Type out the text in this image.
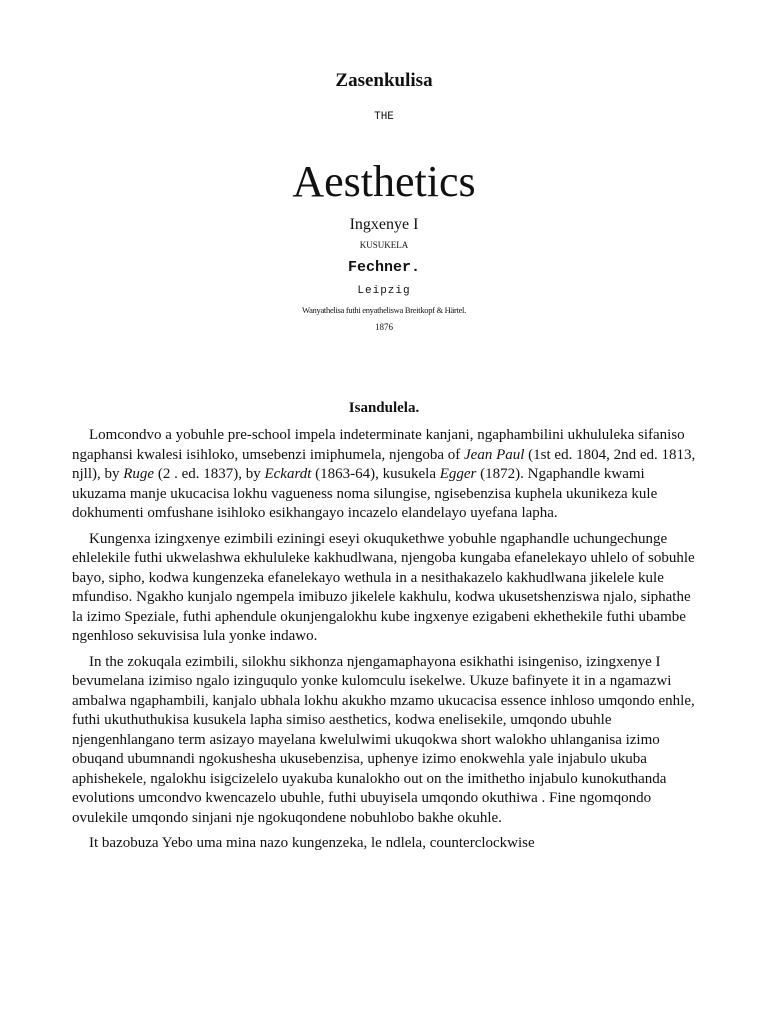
Zasenkulisa
THE
Aesthetics
Ingxenye I
KUSUKELA
Fechner.
Leipzig
Wanyathelisa futhi enyatheliswa Breitkopf & Härtel.
1876
Isandulela.

Lomcondvo a yobuhle pre-school impela indeterminate kanjani, ngaphambilini ukhululeka sifaniso ngaphansi kwalesi isihloko, umsebenzi imiphumela, njengoba of Jean Paul (1st ed. 1804, 2nd ed. 1813, njll), by Ruge (2 . ed. 1837), by Eckardt (1863-64), kusukela Egger (1872). Ngaphandle kwami ukuzama manje ukucacisa lokhu vagueness noma silungise, ngisebenzisa kuphela ukunikeza kule dokhumenti omfushane isihloko esikhangayo incazelo elandelayo uyefana lapha.

Kungenxa izingxenye ezimbili eziningi eseyi okuqukethwe yobuhle ngaphandle uchungechunge ehlelekile futhi ukwelashwa ekhululeke kakhudlwana, njengoba kungaba efanelekayo uhlelo of sobuhle bayo, sipho, kodwa kungenzeka efanelekayo wethula in a nesithakazelo kakhudlwana jikelele kule mfundiso. Ngakho kunjalo ngempela imibuzo jikelele kakhulu, kodwa ukusetshenziswa njalo, siphathe la izimo Speziale, futhi aphendule okunjengalokhu kube ingxenye ezigabeni ekhethekile futhi ubambe ngenhloso sekuvisisa lula yonke indawo.

In the zokuqala ezimbili, silokhu sikhonza njengamaphayona esikhathi isingeniso, izingxenye I bevumelana izimiso ngalo izinguqulo yonke kulomculu isekelwe. Ukuze bafinyete it in a ngamazwi ambalwa ngaphambili, kanjalo ubhala lokhu akukho mzamo ukucacisa essence inhloso umqondo enhle, futhi ukuthuthukisa kusukela lapha simiso aesthetics, kodwa enelisekile, umqondo ubuhle njengenhlangano term asizayo mayelana kwelulwimi ukuqokwa short walokho uhlanganisa izimo obuqand ubumnandi ngokushesha ukusebenzisa, uphenye izimo enokwehla yale injabulo ukuba aphishekele, ngalokhu isigcizelelo uyakuba kunalokho out on the imithetho injabulo kunokuthanda evolutions umcondvo kwencazelo ubuhle, futhi ubuyisela umqondo okuthiwa . Fine ngomqondo ovulekile umqondo sinjani nje ngokuqondene nobuhlobo bakhe okuhle.

It bazobuza Yebo uma mina nazo kungenzeka, le ndlela, counterclockwise
